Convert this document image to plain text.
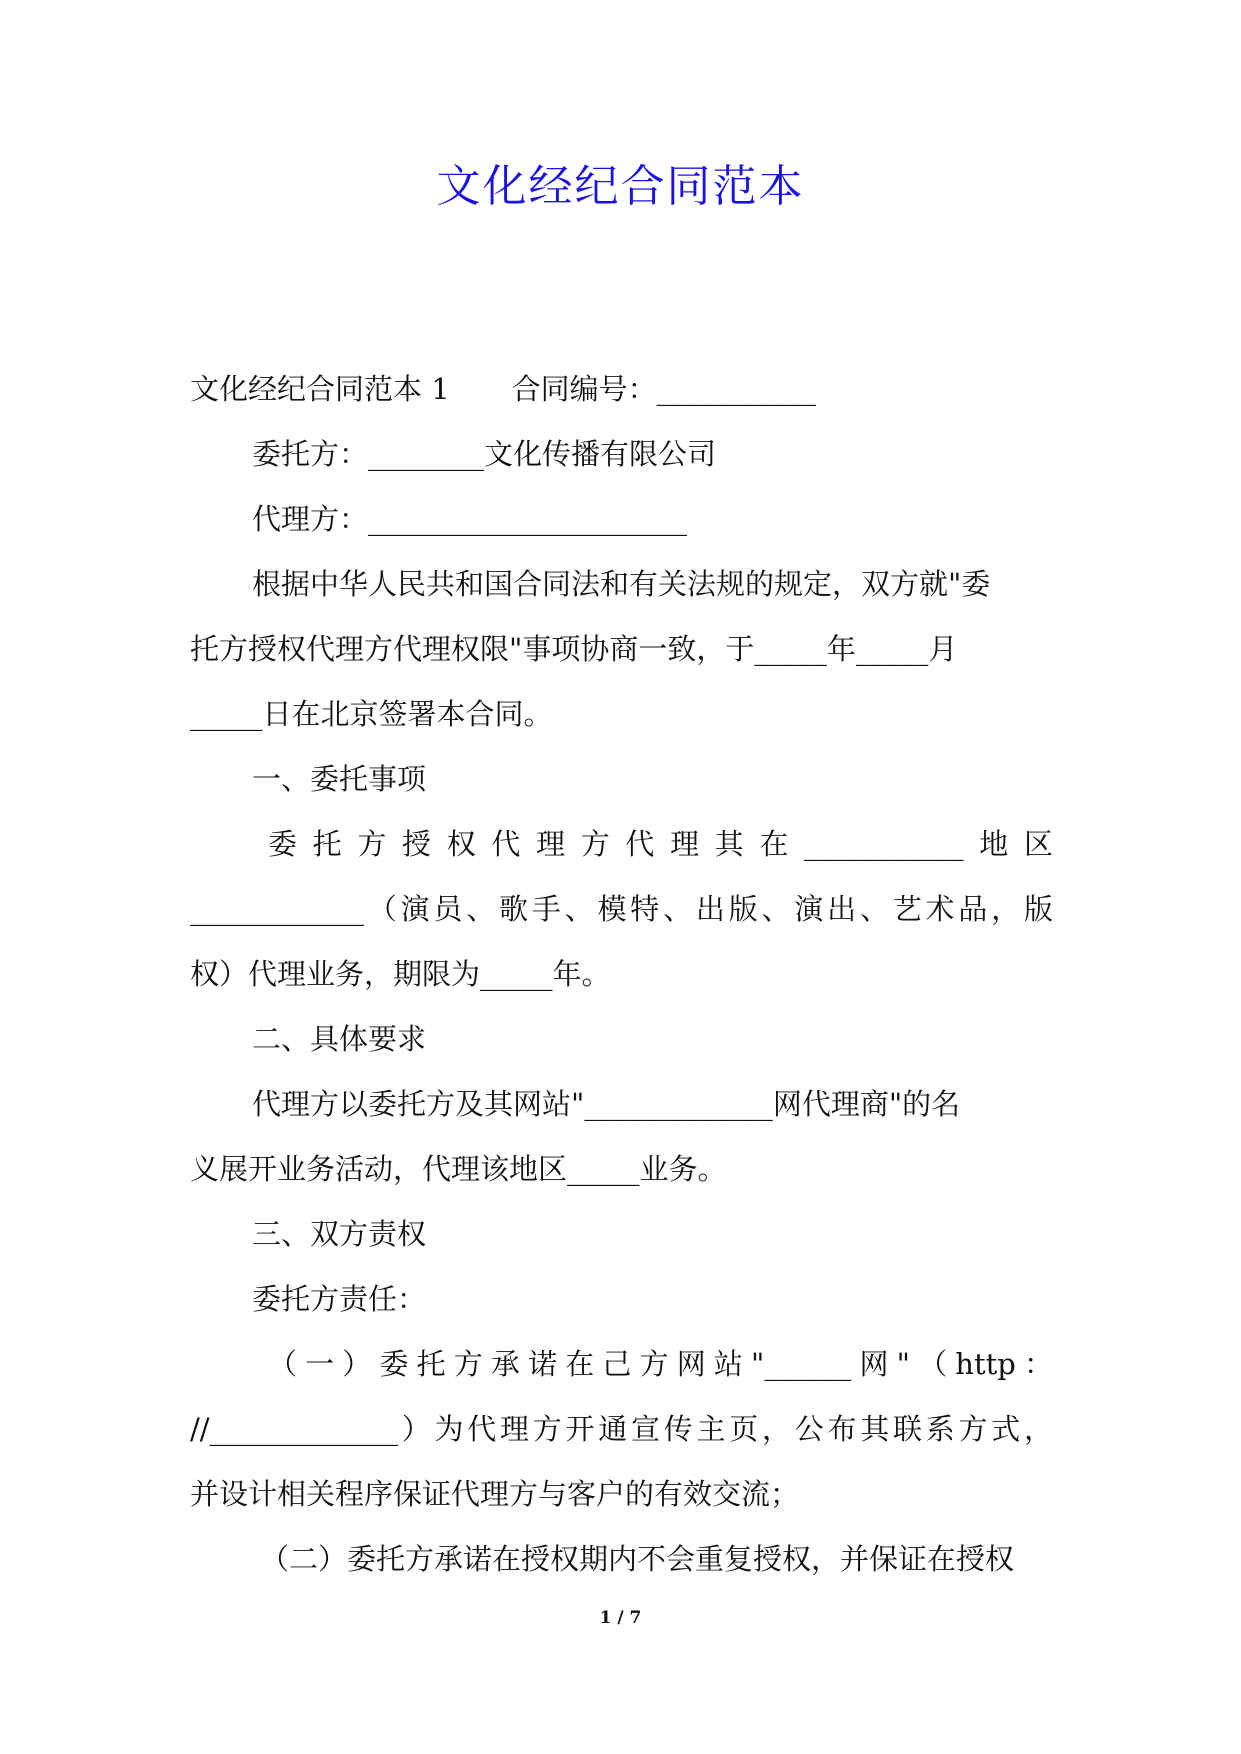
文化经纪合同范本
文化经纪合同范本 1 合同编号：___________
委托方：________文化传播有限公司
代理方：______________________
根据中华人民共和国合同法和有关法规的规定，双方就"委
托方授权代理方代理权限"事项协商一致，于_____年_____月
_____日在北京签署本合同。
一、委托事项
委托方授权代理方代理其在___________地区
____________（演员、歌手、模特、出版、演出、艺术品，版
权）代理业务，期限为_____年。
二、具体要求
代理方以委托方及其网站"_____________网代理商"的名
义展开业务活动，代理该地区_____业务。
三、双方责权
委托方责任：
（一）委托方承诺在己方网站"______网"（http：
//_____________）为代理方开通宣传主页，公布其联系方式，
并设计相关程序保证代理方与客户的有效交流；
（二）委托方承诺在授权期内不会重复授权，并保证在授权
1 / 7
